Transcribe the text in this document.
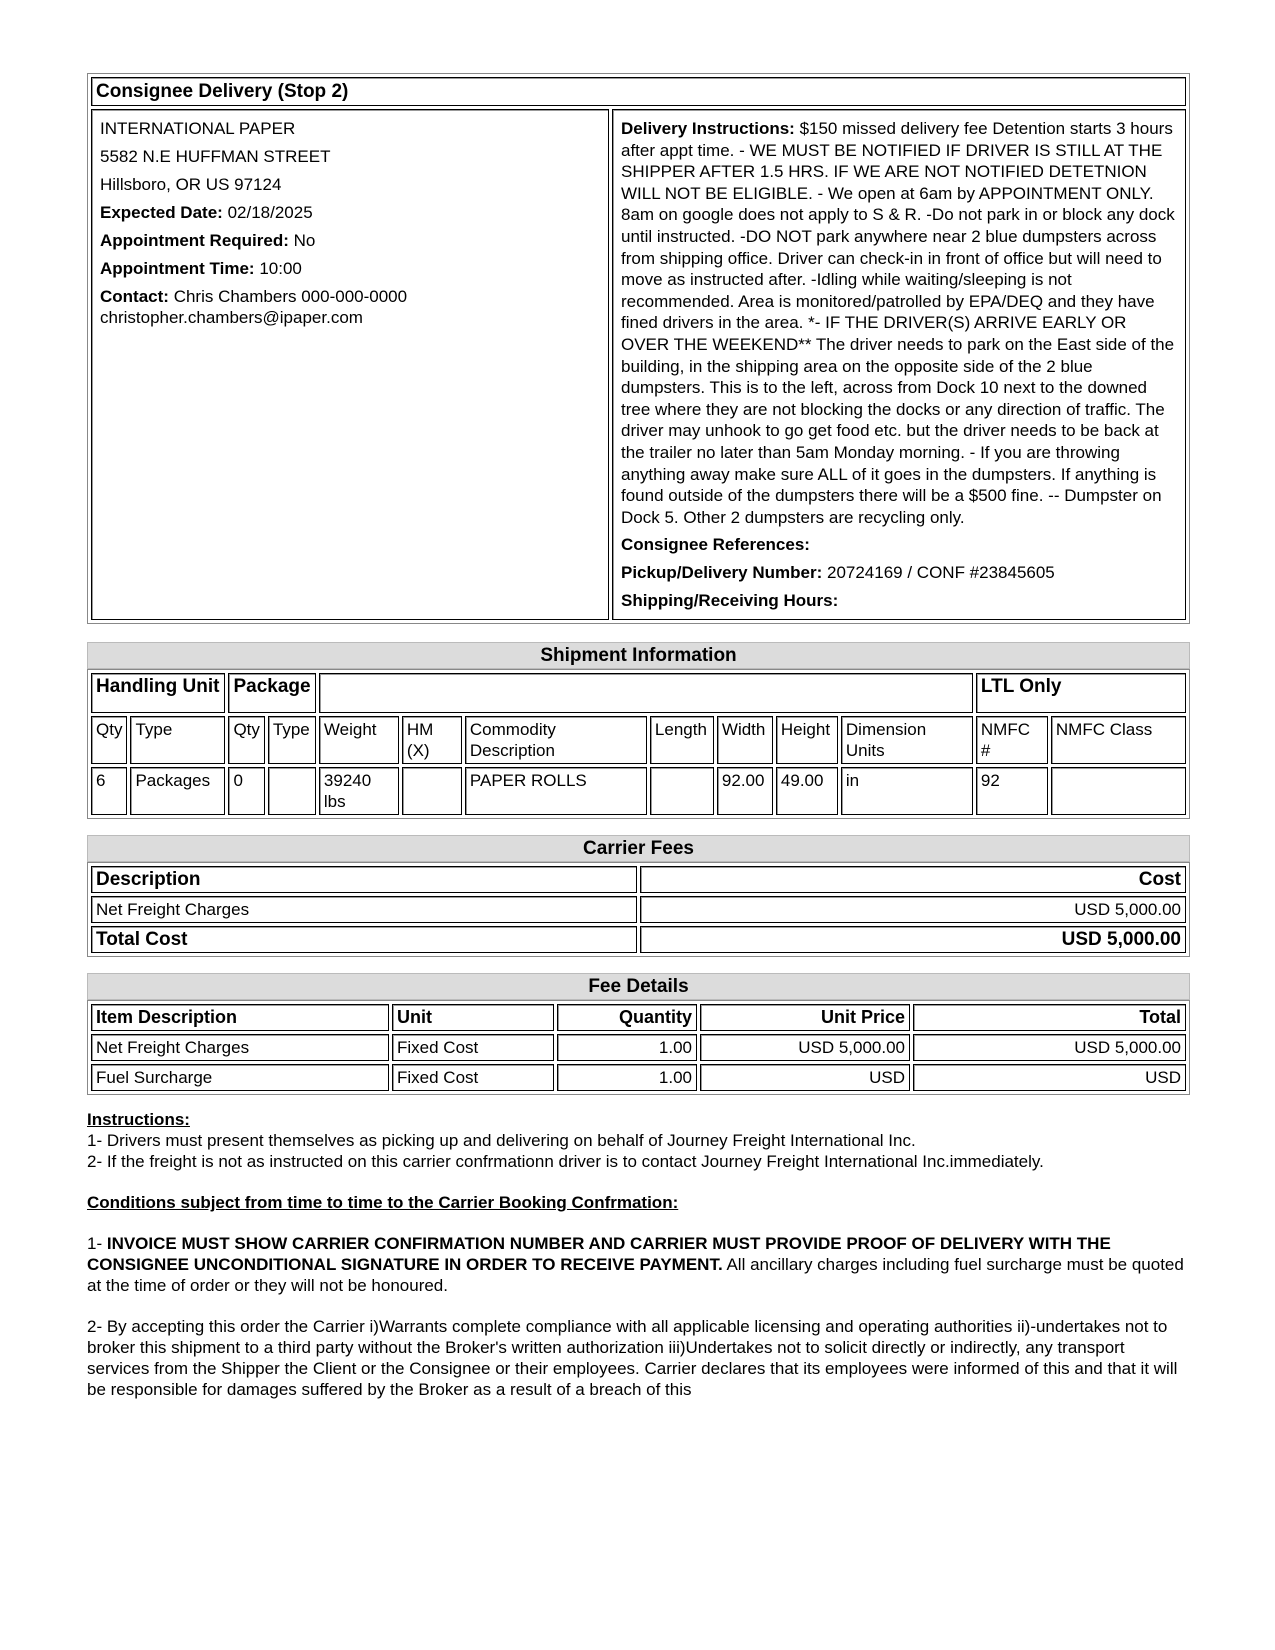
Consignee Delivery (Stop 2)

INTERNATIONAL PAPER

5582 N.E HUFFMAN STREET

Hillsboro, OR US 97124

Expected Date: 02/18/2025

Appointment Required: No

Appointment Time: 10:00

Contact: Chris Chambers 000-000-0000
christopher.chambers@ipaper.com

Delivery Instructions: $150 missed delivery fee Detention starts 3 hours after appt time. - WE MUST BE NOTIFIED IF DRIVER IS STILL AT THE SHIPPER AFTER 1.5 HRS. IF WE ARE NOT NOTIFIED DETETNION WILL NOT BE ELIGIBLE. - We open at 6am by APPOINTMENT ONLY. 8am on google does not apply to S & R. -Do not park in or block any dock until instructed. -DO NOT park anywhere near 2 blue dumpsters across from shipping office. Driver can check-in in front of office but will need to move as instructed after. -Idling while waiting/sleeping is not recommended. Area is monitored/patrolled by EPA/DEQ and they have fined drivers in the area. *- IF THE DRIVER(S) ARRIVE EARLY OR OVER THE WEEKEND** The driver needs to park on the East side of the building, in the shipping area on the opposite side of the 2 blue dumpsters. This is to the left, across from Dock 10 next to the downed tree where they are not blocking the docks or any direction of traffic. The driver may unhook to go get food etc. but the driver needs to be back at the trailer no later than 5am Monday morning. - If you are throwing anything away make sure ALL of it goes in the dumpsters. If anything is found outside of the dumpsters there will be a $500 fine. -- Dumpster on Dock 5. Other 2 dumpsters are recycling only.

Consignee References:

Pickup/Delivery Number: 20724169 / CONF #23845605

Shipping/Receiving Hours:

Shipment Information
Handling Unit		Package									LTL Only	
Qty	Type	Qty	Type	Weight	HM (X)	Commodity Description	Length	Width	Height	Dimension Units	NMFC #	NMFC Class
6	Packages	0		39240 lbs		PAPER ROLLS		92.00	49.00	in	92	
Carrier Fees
Description	Cost
Net Freight Charges	USD 5,000.00
Total Cost	USD 5,000.00
Fee Details
Item Description	Unit	Quantity	Unit Price	Total
Net Freight Charges	Fixed Cost	1.00	USD 5,000.00	USD 5,000.00
Fuel Surcharge	Fixed Cost	1.00	USD	USD

Instructions:

1- Drivers must present themselves as picking up and delivering on behalf of Journey Freight International Inc.

2- If the freight is not as instructed on this carrier confrmationn driver is to contact Journey Freight International Inc.immediately.

Conditions subject from time to time to the Carrier Booking Confrmation:

1- INVOICE MUST SHOW CARRIER CONFIRMATION NUMBER AND CARRIER MUST PROVIDE PROOF OF DELIVERY WITH THE CONSIGNEE UNCONDITIONAL SIGNATURE IN ORDER TO RECEIVE PAYMENT. All ancillary charges including fuel surcharge must be quoted at the time of order or they will not be honoured.

2- By accepting this order the Carrier i)Warrants complete compliance with all applicable licensing and operating authorities ii)-undertakes not to broker this shipment to a third party without the Broker's written authorization iii)Undertakes not to solicit directly or indirectly, any transport services from the Shipper the Client or the Consignee or their employees. Carrier declares that its employees were informed of this and that it will be responsible for damages suffered by the Broker as a result of a breach of this
